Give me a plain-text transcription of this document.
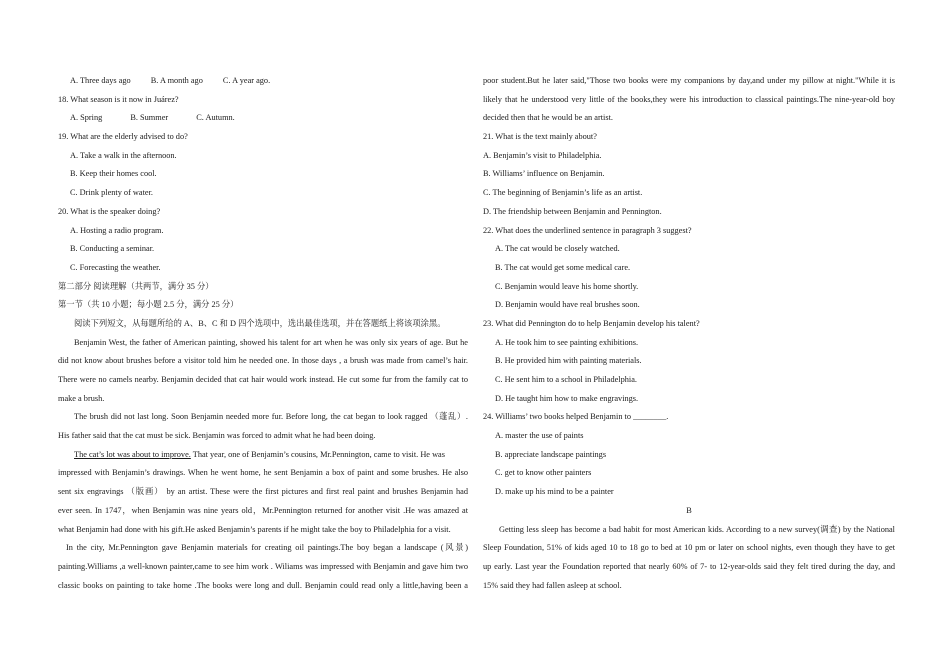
A. Three days ago B. A month ago C. A year ago.
18. What season is it now in Juárez?
A. Spring	B. Summer	C. Autumn.
19. What are the elderly advised to do?
A. Take a walk in the afternoon.
B. Keep their homes cool.
C. Drink plenty of water.
20. What is the speaker doing?
A. Hosting a radio program.
B. Conducting a seminar.
C. Forecasting the weather.
第二部分 阅读理解（共两节，满分 35 分）
第一节（共 10 小题；每小题 2.5 分，满分 25 分）
阅读下列短文，从每题所给的 A、B、C 和 D 四个选项中，选出最佳选项，并在答题纸上将该项涂黑。
Benjamin West, the father of American painting, showed his talent for art when he was only six years of age. But he
did not know about brushes before a visitor told him he needed one. In those days , a brush was made from camel’s hair.
There were no camels nearby. Benjamin decided that cat hair would work instead. He cut some fur from the family cat to
make a brush.
The brush did not last long. Soon Benjamin needed more fur. Before long, the cat began to look ragged （蓬乱）.
His father said that the cat must be sick. Benjamin was forced to admit what he had been doing.
The cat’s lot was about to improve. That year, one of Benjamin’s cousins, Mr.Pennington, came to visit. He was
impressed with Benjamin’s drawings. When he went home, he sent Benjamin a box of paint and some brushes. He also
sent six engravings （版画） by an artist. These were the first pictures and first real paint and brushes Benjamin had
ever seen. In 1747，when Benjamin was nine years old，Mr.Pennington returned for another visit .He was amazed at
what Benjamin had done with his gift.He asked Benjamin’s parents if he might take the boy to Philadelphia for a visit.
In the city, Mr.Pennington gave Benjamin materials for creating oil paintings.The boy began a landscape (风景)
painting.Williams ,a well-known painter,came to see him work . Wiliams was impressed with Benjamin and gave him two
classic books on painting to take home .The books were long and dull. Benjamin could read only a little,having been a
poor student.But he later said,"Those two books were my companions by day,and under my pillow at night."While it is
likely that he understood very little of the books,they were his introduction to classical paintings.The nine-year-old boy
decided then that he would be an artist.
21. What is the text mainly about?
A. Benjamin’s visit to Philadelphia.
B. Williams’ influence on Benjamin.
C. The beginning of Benjamin’s life as an artist.
D. The friendship between Benjamin and Pennington.
22. What does the underlined sentence in paragraph 3 suggest?
A. The cat would be closely watched.
B. The cat would get some medical care.
C. Benjamin would leave his home shortly.
D. Benjamin would have real brushes soon.
23. What did Pennington do to help Benjamin develop his talent?
A. He took him to see painting exhibitions.
B. He provided him with painting materials.
C. He sent him to a school in Philadelphia.
D. He taught him how to make engravings.
24. Williams’ two books helped Benjamin to ________.
A. master the use of paints
B. appreciate landscape paintings
C. get to know other painters
D. make up his mind to be a painter
B
Getting less sleep has become a bad habit for most American kids. According to a new survey(调查) by the National
Sleep Foundation, 51% of kids aged 10 to 18 go to bed at 10 pm or later on school nights, even though they have to get
up early. Last year the Foundation reported that nearly 60% of 7- to 12-year-olds said they felt tired during the day, and
15% said they had fallen asleep at school.
